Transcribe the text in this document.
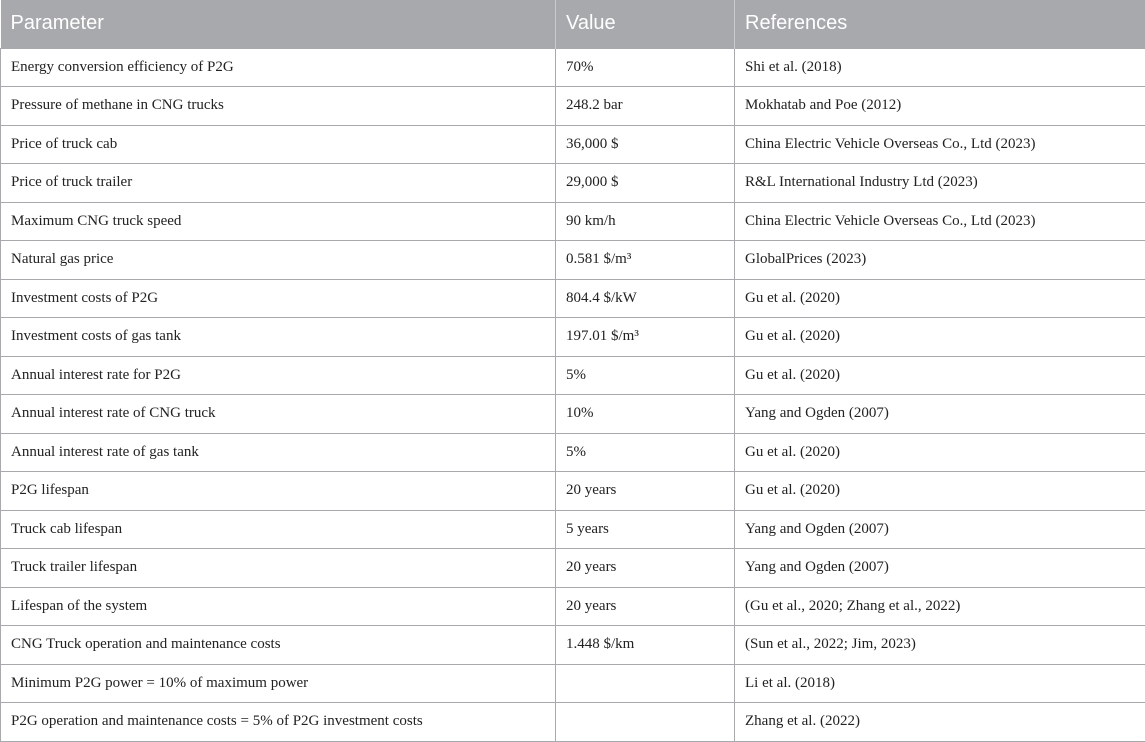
Parameter	Value	References
Energy conversion efficiency of P2G	70%	Shi et al. (2018)
Pressure of methane in CNG trucks	248.2 bar	Mokhatab and Poe (2012)
Price of truck cab	36,000 $	China Electric Vehicle Overseas Co., Ltd (2023)
Price of truck trailer	29,000 $	R&L International Industry Ltd (2023)
Maximum CNG truck speed	90 km/h	China Electric Vehicle Overseas Co., Ltd (2023)
Natural gas price	0.581 $/m³	GlobalPrices (2023)
Investment costs of P2G	804.4 $/kW	Gu et al. (2020)
Investment costs of gas tank	197.01 $/m³	Gu et al. (2020)
Annual interest rate for P2G	5%	Gu et al. (2020)
Annual interest rate of CNG truck	10%	Yang and Ogden (2007)
Annual interest rate of gas tank	5%	Gu et al. (2020)
P2G lifespan	20 years	Gu et al. (2020)
Truck cab lifespan	5 years	Yang and Ogden (2007)
Truck trailer lifespan	20 years	Yang and Ogden (2007)
Lifespan of the system	20 years	(Gu et al., 2020; Zhang et al., 2022)
CNG Truck operation and maintenance costs	1.448 $/km	(Sun et al., 2022; Jim, 2023)
Minimum P2G power = 10% of maximum power		Li et al. (2018)
P2G operation and maintenance costs = 5% of P2G investment costs		Zhang et al. (2022)
